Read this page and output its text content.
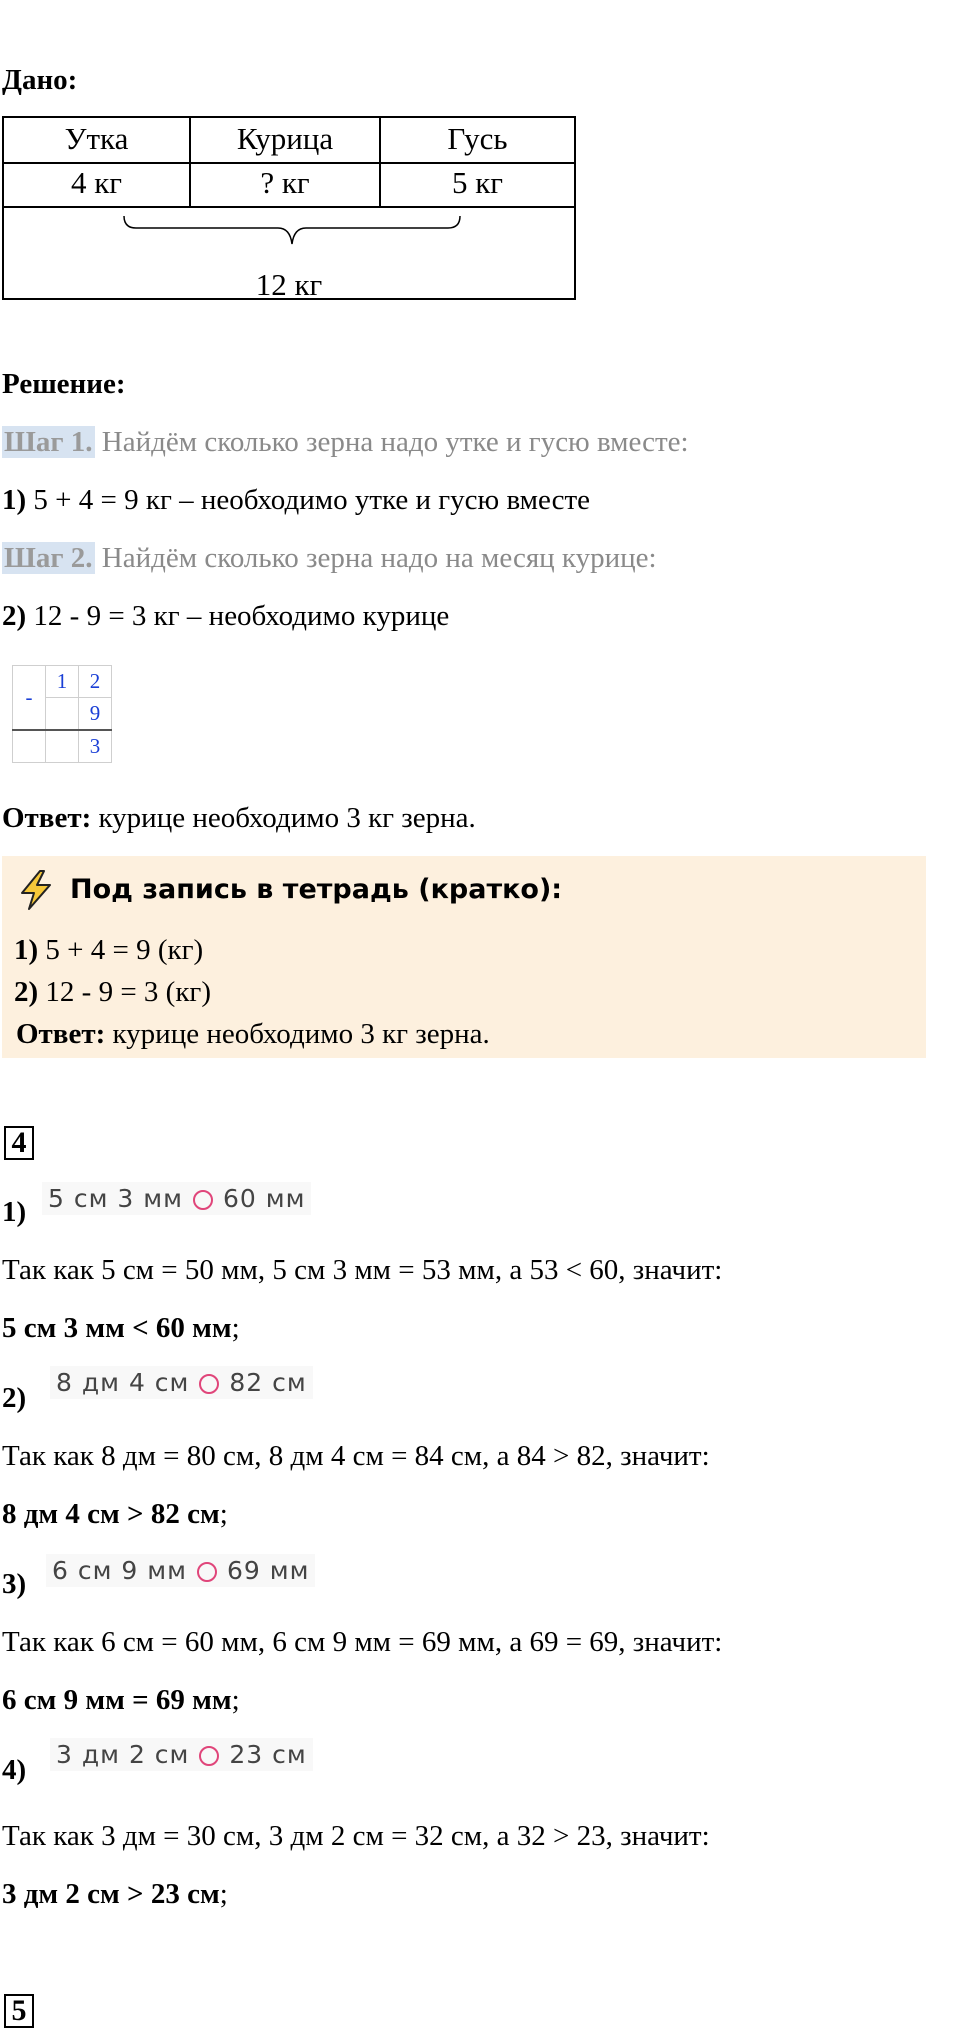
Дано:
Утка	Курица	Гусь
4 кг	? кг	5 кг
12 кг
Решение:
Шаг 1. Найдём сколько зерна надо утке и гусю вместе:
1) 5 + 4 = 9 кг – необходимо утке и гусю вместе
Шаг 2. Найдём сколько зерна надо на месяц курице:
2) 12 - 9 = 3 кг – необходимо курице
-	1	2
		9
		3
Ответ: курице необходимо 3 кг зерна.
Под запись в тетрадь (кратко):
1) 5 + 4 = 9 (кг)
2) 12 - 9 = 3 (кг)
Ответ: курице необходимо 3 кг зерна.
4
1) 5 см 3 мм 60 мм
Так как 5 см = 50 мм, 5 см 3 мм = 53 мм, а 53 < 60, значит:
5 см 3 мм < 60 мм;
2) 8 дм 4 см 82 см
Так как 8 дм = 80 см, 8 дм 4 см = 84 см, а 84 > 82, значит:
8 дм 4 см > 82 см;
3) 6 см 9 мм 69 мм
Так как 6 см = 60 мм, 6 см 9 мм = 69 мм, а 69 = 69, значит:
6 см 9 мм = 69 мм;
4) 3 дм 2 см 23 см
Так как 3 дм = 30 см, 3 дм 2 см = 32 см, а 32 > 23, значит:
3 дм 2 см > 23 см;
5
